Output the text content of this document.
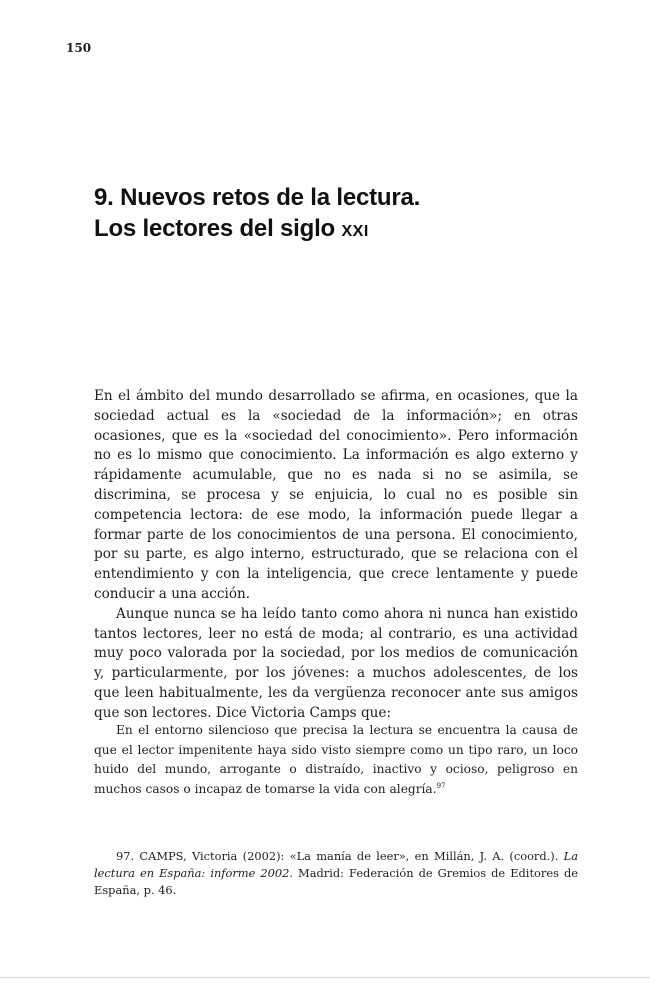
150
9. Nuevos retos de la lectura.
Los lectores del siglo XXI

En el ámbito del mundo desarrollado se afirma, en ocasiones, que la sociedad actual es la «sociedad de la información»; en otras ocasiones, que es la «sociedad del conocimiento». Pero información no es lo mismo que conocimiento. La información es algo externo y rápidamente acumulable, que no es nada si no se asimila, se discrimina, se procesa y se enjuicia, lo cual no es posible sin competencia lectora: de ese modo, la información puede llegar a formar parte de los conocimientos de una persona. El conocimiento, por su parte, es algo interno, estructurado, que se relaciona con el entendimiento y con la inteligencia, que crece lentamente y puede conducir a una acción.

Aunque nunca se ha leído tanto como ahora ni nunca han existido tantos lectores, leer no está de moda; al contrario, es una actividad muy poco valorada por la sociedad, por los medios de comunicación y, particularmente, por los jóvenes: a muchos adolescentes, de los que leen habitualmente, les da vergüenza reconocer ante sus amigos que son lectores. Dice Victoria Camps que:

En el entorno silencioso que precisa la lectura se encuentra la causa de que el lector impenitente haya sido visto siempre como un tipo raro, un loco huido del mundo, arrogante o distraído, inactivo y ocioso, peligroso en muchos casos o incapaz de tomarse la vida con alegría.$^{97}$

97. CAMPS, Victoria (2002): «La manía de leer», en Millán, J. A. (coord.). La lectura en España: informe 2002. Madrid: Federación de Gremios de Editores de España, p. 46.
